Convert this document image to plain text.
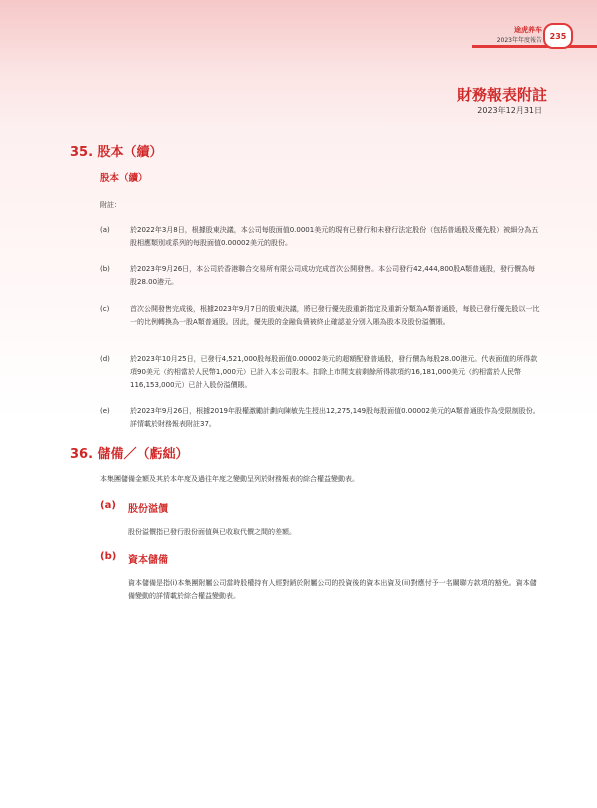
途虎养车
2023年年度報告 235
財務報表附註
2023年12月31日
35. 股本（續）
股本（續）
附註：
(a)	於2022年3月8日，根據股東決議，本公司每股面值0.0001美元的現有已發行和未發行法定股份（包括普通股及優先股）被細分為五股相應類別或系列的每股面值0.00002美元的股份。
(b)	於2023年9月26日，本公司於香港聯合交易所有限公司成功完成首次公開發售。本公司發行42,444,800股A類普通股，發行價為每股28.00港元。
(c)	首次公開發售完成後，根據2023年9月7日的股東決議，將已發行優先股重新指定及重新分類為A類普通股，每股已發行優先股以一比一的比例轉換為一股A類普通股。因此，優先股的金融負債被終止確認並分別入賬為股本及股份溢價賬。
(d)	於2023年10月25日，已發行4,521,000股每股面值0.00002美元的超額配發普通股，發行價為每股28.00港元。代表面值的所得款項90美元（約相當於人民幣1,000元）已計入本公司股本。扣除上市開支前剩餘所得款項約16,181,000美元（約相當於人民幣116,153,000元）已計入股份溢價賬。
(e)	於2023年9月26日，根據2019年股權激勵計劃向陳敏先生授出12,275,149股每股面值0.00002美元的A類普通股作為受限制股份。詳情載於財務報表附註37。
36. 儲備／（虧絀）
本集團儲備金額及其於本年度及過往年度之變動呈列於財務報表的綜合權益變動表。
(a) 股份溢價
股份溢價指已發行股份面值與已收取代價之間的差額。
(b) 資本儲備
資本儲備是指(i)本集團附屬公司當時股權持有人經對銷於附屬公司的投資後的資本出資及(ii)對應付予一名關聯方款項的豁免。資本儲備變動的詳情載於綜合權益變動表。
